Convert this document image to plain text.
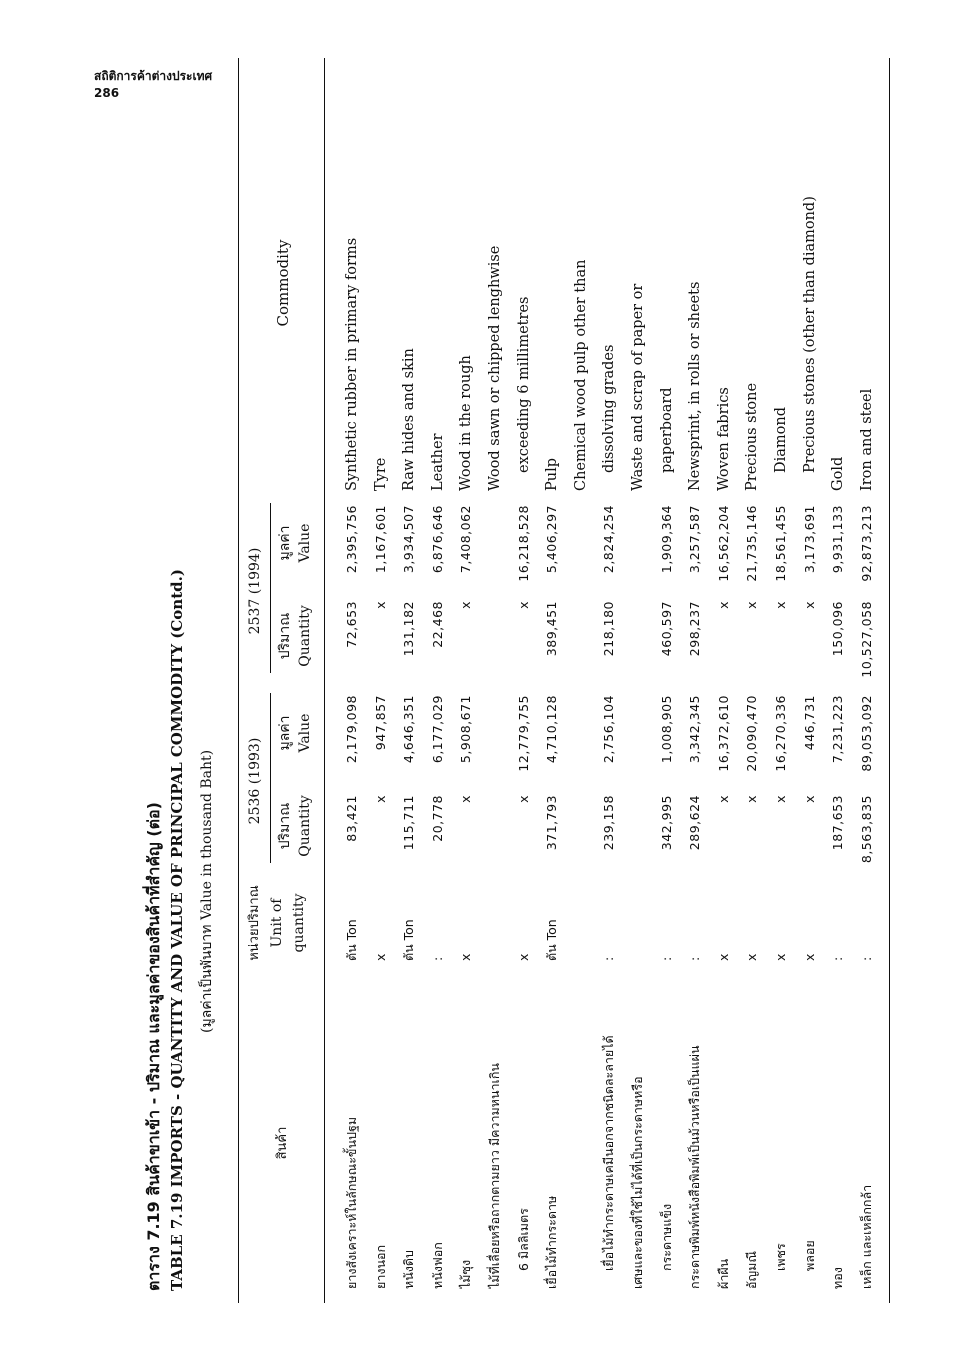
สถิติการค้าต่างประเทศ
286
ตาราง 7.19 สินค้าขาเข้า - ปริมาณ และมูลค่าของสินค้าที่สำคัญ (ต่อ) TABLE 7.19 IMPORTS - QUANTITY AND VALUE OF PRINCIPAL COMMODITY (Contd.) (มูลค่าเป็นพันบาท Value in thousand Baht)
สินค้า
หน่วยปริมาณ Unit of quantity
2536 (1993)
ปริมาณ Quantity
มูลค่า Value
2537 (1994)
ปริมาณ Quantity
มูลค่า Value
Commodity
ยางสังเคราะห์ในลักษณะขั้นปฐม
ตัน Ton
83,421
2,179,098
72,653
2,395,756
Synthetic rubber in primary forms
ยางนอก
x
x
947,857
x
1,167,601
Tyre
หนังดิบ
ตัน Ton
115,711
4,646,351
131,182
3,934,507
Raw hides and skin
หนังฟอก
:
20,778
6,177,029
22,468
6,876,646
Leather
ไม้ซุง
x
x
5,908,671
x
7,408,062
Wood in the rough
ไม้ที่เลื่อยหรือถากตามยาว มีความหนาเกิน
Wood sawn or chipped lenghwise
6 มิลลิเมตร
x
x
12,779,755
x
16,218,528
exceeding 6 millimetres
เยื่อไม้ทำกระดาษ
ตัน Ton
371,793
4,710,128
389,451
5,406,297
Pulp Chemical wood pulp other than
เยื่อไม้ทำกระดาษเคมีนอกจากชนิดละลายได้
:
239,158
2,756,104
218,180
2,824,254
dissolving grades
เศษและของที่ใช้ไม่ได้ที่เป็นกระดาษหรือ
Waste and scrap of paper or
กระดาษแข็ง
:
342,995
1,008,905
460,597
1,909,364
paperboard
กระดาษพิมพ์หนังสือพิมพ์เป็นม้วนหรือเป็นแผ่น
:
289,624
3,342,345
298,237
3,257,587
Newsprint, in rolls or sheets
ผ้าผืน
x
x
16,372,610
x
16,562,204
Woven fabrics
อัญมณี
x
x
20,090,470
x
21,735,146
Precious stone
เพชร
x
x
16,270,336
x
18,561,455
Diamond
พลอย
x
x
446,731
x
3,173,691
Precious stones (other than diamond)
ทอง
:
187,653
7,231,223
150,096
9,931,133
Gold
เหล็ก และเหล็กกล้า
:
8,563,835
89,053,092
10,527,058
92,873,213
Iron and steel
